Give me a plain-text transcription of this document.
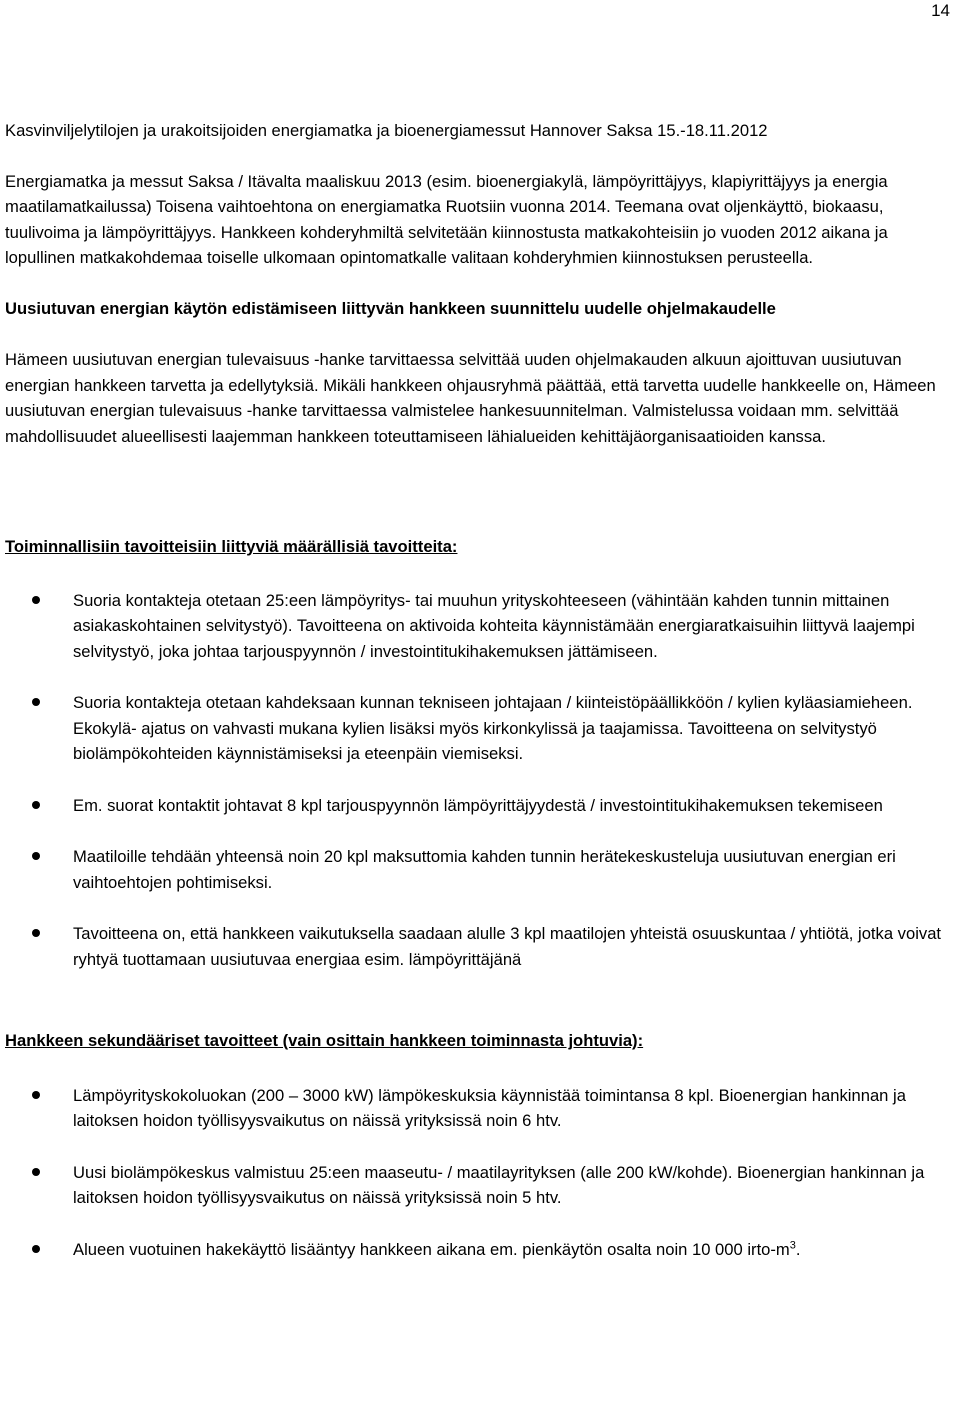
14

Kasvinviljelytilojen ja urakoitsijoiden energiamatka ja bioenergiamessut Hannover Saksa 15.-18.11.2012

Energiamatka ja messut Saksa / Itävalta maaliskuu 2013 (esim. bioenergiakylä, lämpöyrittäjyys, klapiyrittäjyys ja energia maatilamatkailussa) Toisena vaihtoehtona on energiamatka Ruotsiin vuonna 2014. Teemana ovat oljenkäyttö, biokaasu, tuulivoima ja lämpöyrittäjyys. Hankkeen kohderyhmiltä selvitetään kiinnostusta matkakohteisiin jo vuoden 2012 aikana ja lopullinen matkakohdemaa toiselle ulkomaan opintomatkalle valitaan kohderyhmien kiinnostuksen perusteella.

Uusiutuvan energian käytön edistämiseen liittyvän hankkeen suunnittelu uudelle ohjelmakaudelle

Hämeen uusiutuvan energian tulevaisuus -hanke tarvittaessa selvittää uuden ohjelmakauden alkuun ajoittuvan uusiutuvan energian hankkeen tarvetta ja edellytyksiä. Mikäli hankkeen ohjausryhmä päättää, että tarvetta uudelle hankkeelle on, Hämeen uusiutuvan energian tulevaisuus -hanke tarvittaessa valmistelee hankesuunnitelman. Valmistelussa voidaan mm. selvittää mahdollisuudet alueellisesti laajemman hankkeen toteuttamiseen lähialueiden kehittäjäorganisaatioiden kanssa.

Toiminnallisiin tavoitteisiin liittyviä määrällisiä tavoitteita:

Suoria kontakteja otetaan 25:een lämpöyritys- tai muuhun yrityskohteeseen (vähintään kahden tunnin mittainen asiakaskohtainen selvitystyö). Tavoitteena on aktivoida kohteita käynnistämään energiaratkaisuihin liittyvä laajempi selvitystyö, joka johtaa tarjouspyynnön / investointitukihakemuksen jättämiseen.
Suoria kontakteja otetaan kahdeksaan kunnan tekniseen johtajaan / kiinteistöpäällikköön / kylien kyläasiamieheen. Ekokylä- ajatus on vahvasti mukana kylien lisäksi myös kirkonkylissä ja taajamissa. Tavoitteena on selvitystyö biolämpökohteiden käynnistämiseksi ja eteenpäin viemiseksi.
Em. suorat kontaktit johtavat 8 kpl tarjouspyynnön lämpöyrittäjyydestä / investointitukihakemuksen tekemiseen
Maatiloille tehdään yhteensä noin 20 kpl maksuttomia kahden tunnin herätekeskusteluja uusiutuvan energian eri vaihtoehtojen pohtimiseksi.
Tavoitteena on, että hankkeen vaikutuksella saadaan alulle 3 kpl maatilojen yhteistä osuuskuntaa / yhtiötä, jotka voivat ryhtyä tuottamaan uusiutuvaa energiaa esim. lämpöyrittäjänä

Hankkeen sekundääriset tavoitteet (vain osittain hankkeen toiminnasta johtuvia):

Lämpöyrityskokoluokan (200 – 3000 kW) lämpökeskuksia käynnistää toimintansa 8 kpl. Bioenergian hankinnan ja laitoksen hoidon työllisyysvaikutus on näissä yrityksissä noin 6 htv.
Uusi biolämpökeskus valmistuu 25:een maaseutu- / maatilayrityksen (alle 200 kW/kohde). Bioenergian hankinnan ja laitoksen hoidon työllisyysvaikutus on näissä yrityksissä noin 5 htv.
Alueen vuotuinen hakekäyttö lisääntyy hankkeen aikana em. pienkäytön osalta noin 10 000 irto-$m^3$.
